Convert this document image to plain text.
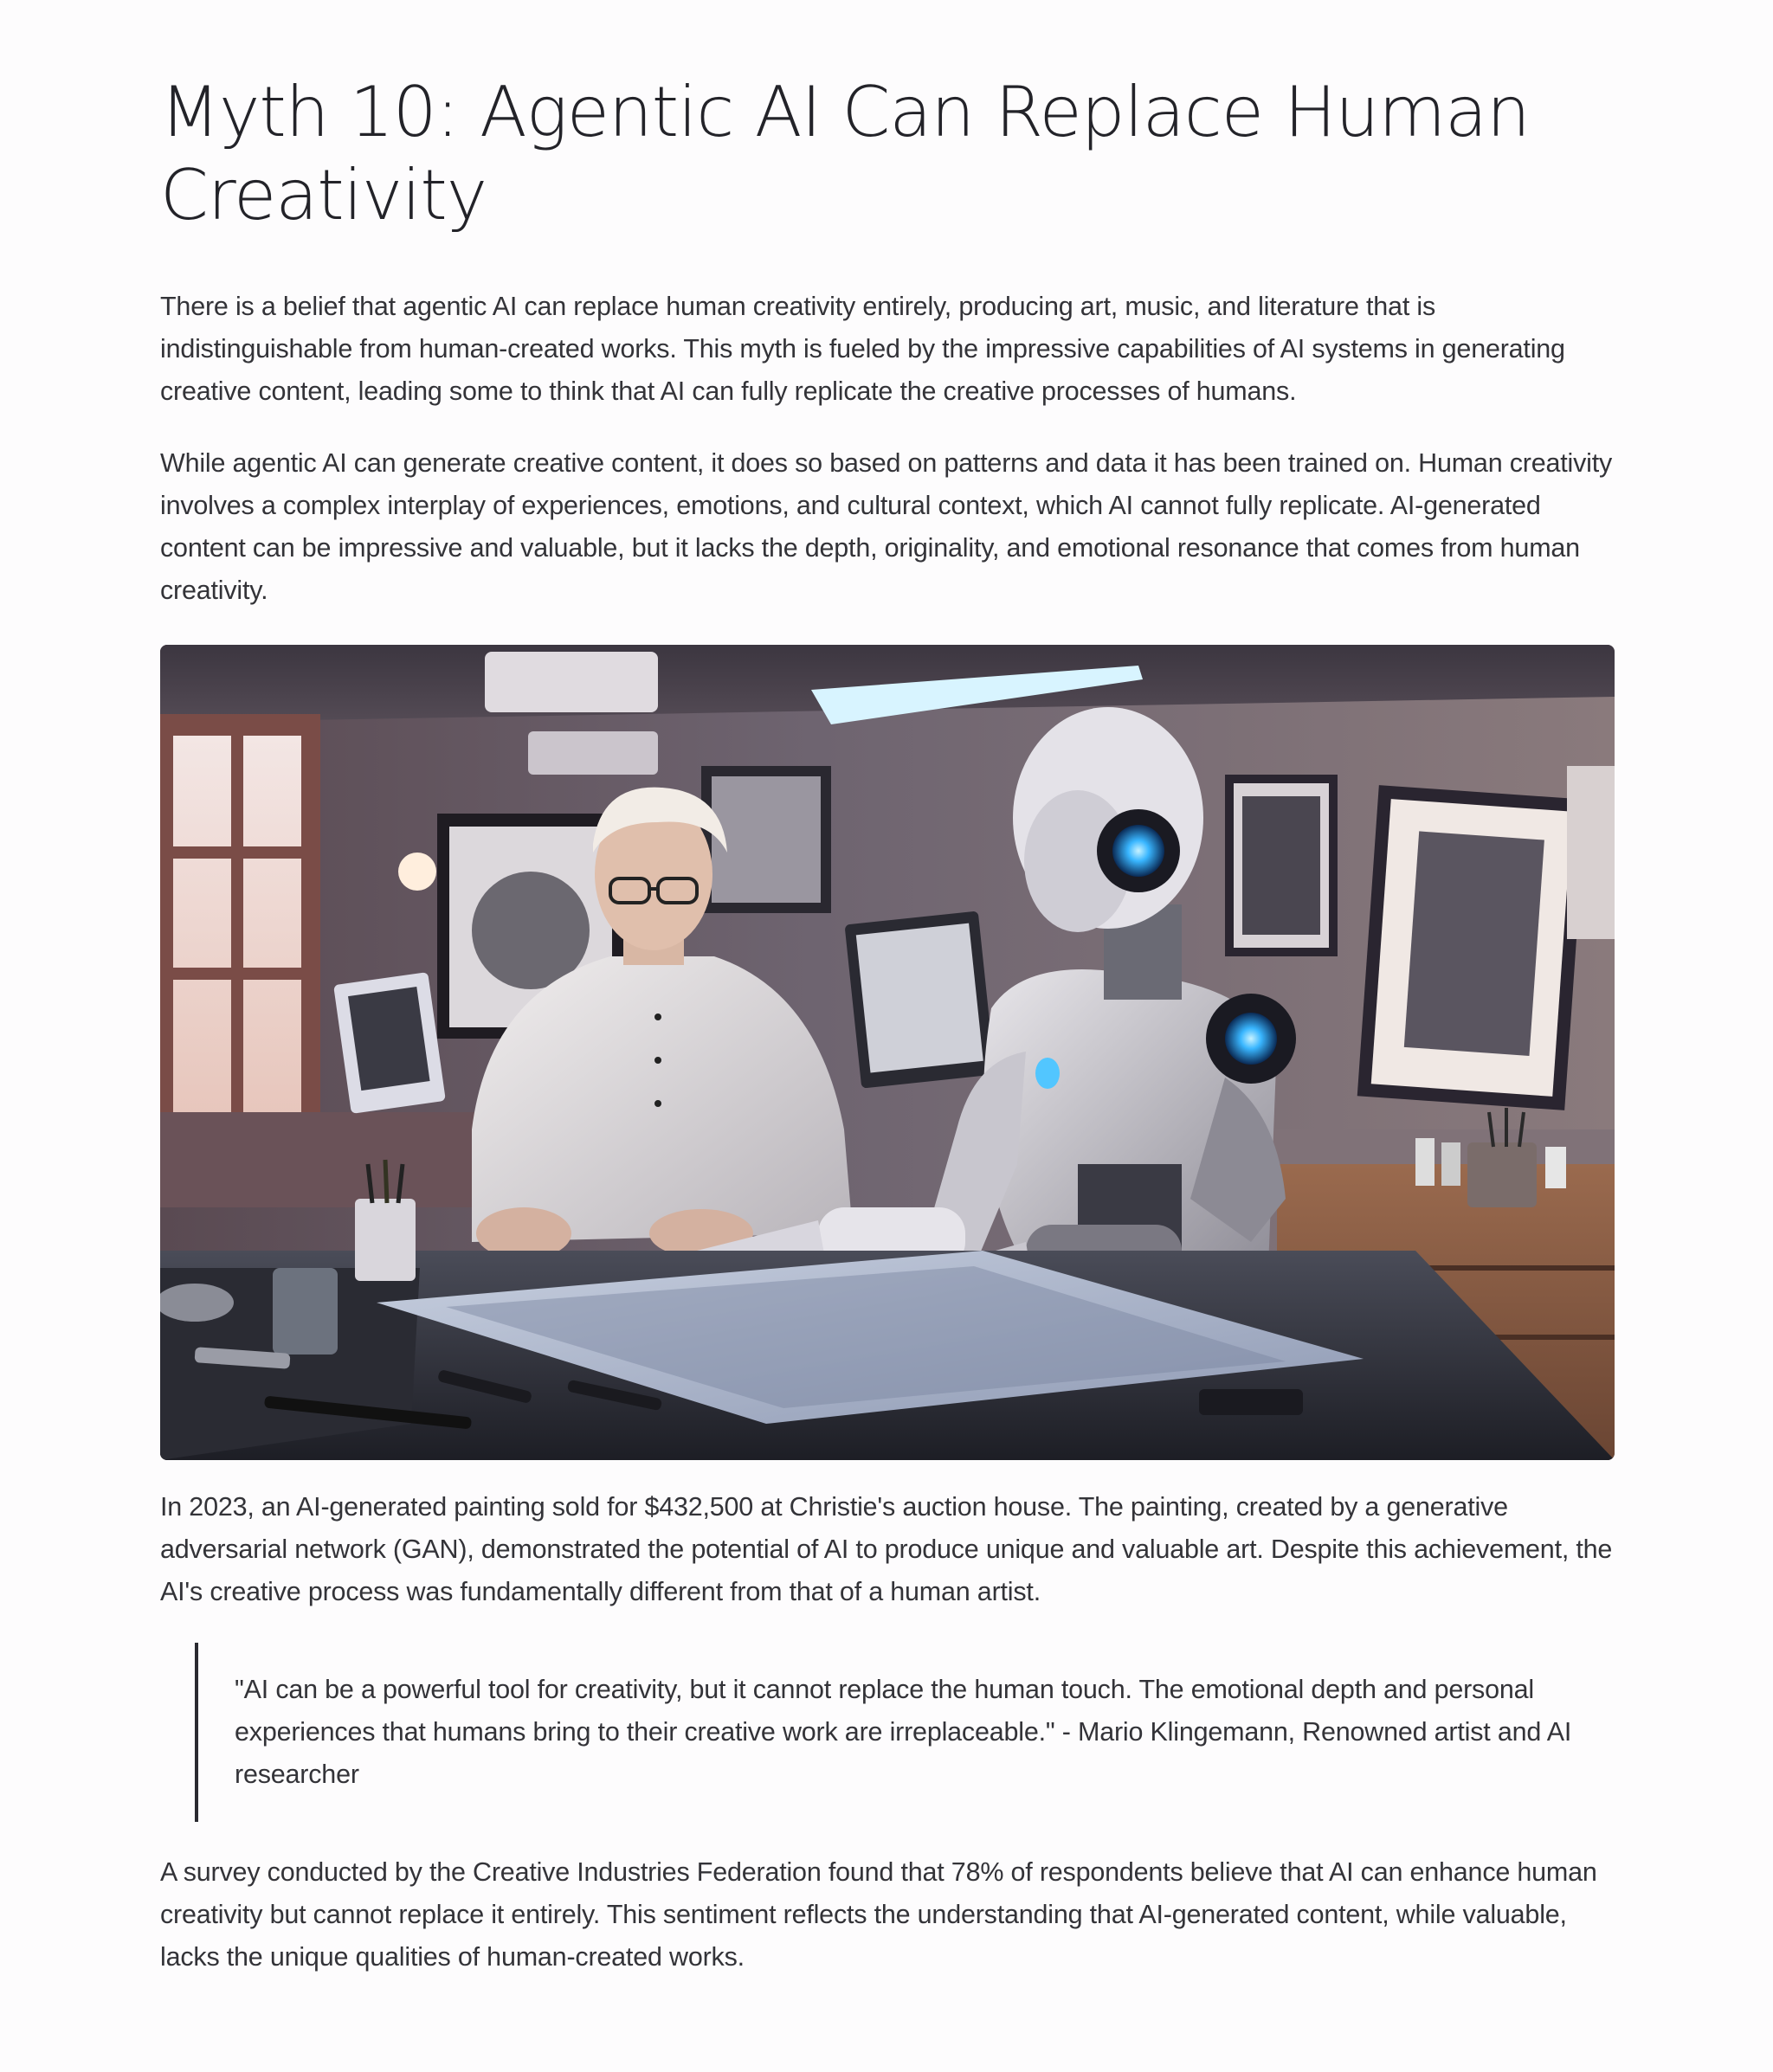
Myth 10: Agentic AI Can Replace Human Creativity

There is a belief that agentic AI can replace human creativity entirely, producing art, music, and literature that is indistinguishable from human-created works. This myth is fueled by the impressive capabilities of AI systems in generating creative content, leading some to think that AI can fully replicate the creative processes of humans.

While agentic AI can generate creative content, it does so based on patterns and data it has been trained on. Human creativity involves a complex interplay of experiences, emotions, and cultural context, which AI cannot fully replicate. AI-generated content can be impressive and valuable, but it lacks the depth, originality, and emotional resonance that comes from human creativity.

In 2023, an AI-generated painting sold for $432,500 at Christie's auction house. The painting, created by a generative adversarial network (GAN), demonstrated the potential of AI to produce unique and valuable art. Despite this achievement, the AI's creative process was fundamentally different from that of a human artist.

"AI can be a powerful tool for creativity, but it cannot replace the human touch. The emotional depth and personal experiences that humans bring to their creative work are irreplaceable." - Mario Klingemann, Renowned artist and AI researcher

A survey conducted by the Creative Industries Federation found that 78% of respondents believe that AI can enhance human creativity but cannot replace it entirely. This sentiment reflects the understanding that AI-generated content, while valuable, lacks the unique qualities of human-created works.
